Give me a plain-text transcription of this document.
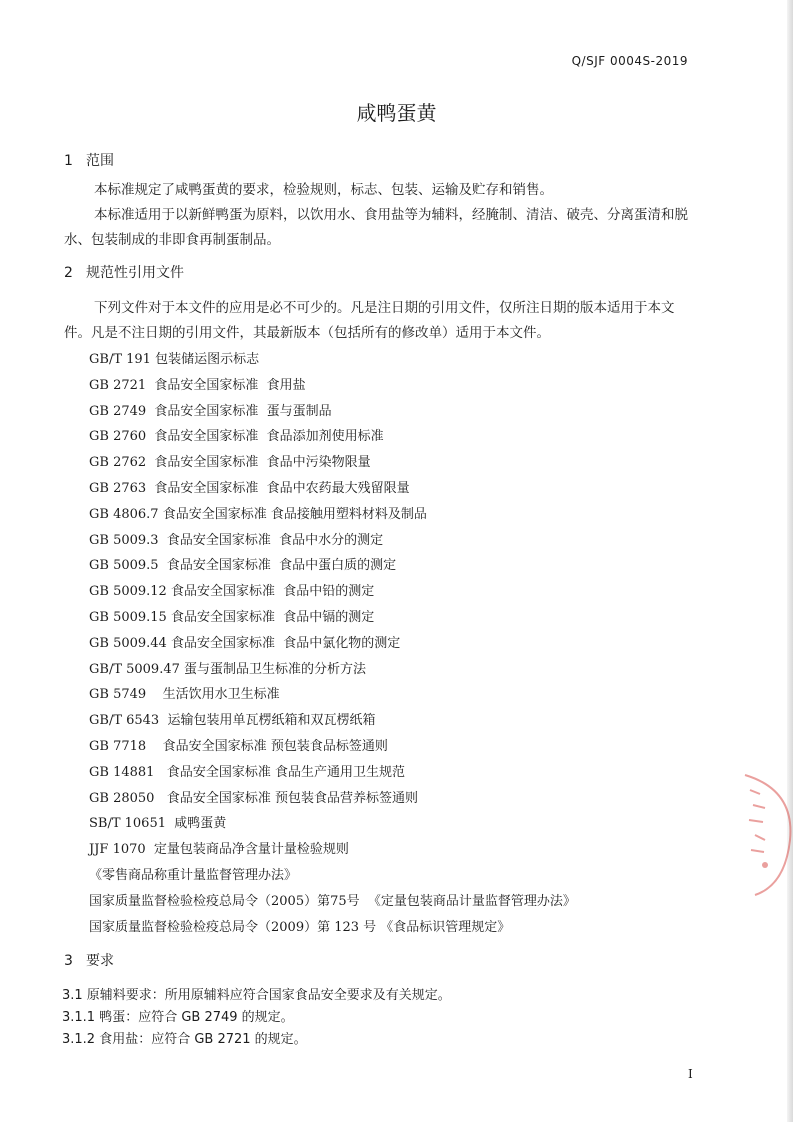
Q/SJF 0004S-2019
咸鸭蛋黄
1 范围

本标准规定了咸鸭蛋黄的要求，检验规则，标志、包装、运输及贮存和销售。

本标准适用于以新鲜鸭蛋为原料，以饮用水、食用盐等为辅料，经腌制、清洁、破壳、分离蛋清和脱水、包装制成的非即食再制蛋制品。

2 规范性引用文件

下列文件对于本文件的应用是必不可少的。凡是注日期的引用文件，仅所注日期的版本适用于本文件。凡是不注日期的引用文件，其最新版本（包括所有的修改单）适用于本文件。

GB/T 191 包装储运图示标志
GB 2721  食品安全国家标准  食用盐
GB 2749  食品安全国家标准  蛋与蛋制品
GB 2760  食品安全国家标准  食品添加剂使用标准
GB 2762  食品安全国家标准  食品中污染物限量
GB 2763  食品安全国家标准  食品中农药最大残留限量
GB 4806.7 食品安全国家标准 食品接触用塑料材料及制品
GB 5009.3  食品安全国家标准  食品中水分的测定
GB 5009.5  食品安全国家标准  食品中蛋白质的测定
GB 5009.12 食品安全国家标准  食品中铅的测定
GB 5009.15 食品安全国家标准  食品中镉的测定
GB 5009.44 食品安全国家标准  食品中氯化物的测定
GB/T 5009.47 蛋与蛋制品卫生标准的分析方法
GB 5749    生活饮用水卫生标准
GB/T 6543  运输包装用单瓦楞纸箱和双瓦楞纸箱
GB 7718    食品安全国家标准 预包装食品标签通则
GB 14881   食品安全国家标准 食品生产通用卫生规范
GB 28050   食品安全国家标准 预包装食品营养标签通则
SB/T 10651  咸鸭蛋黄
JJF 1070  定量包装商品净含量计量检验规则
《零售商品称重计量监督管理办法》
国家质量监督检验检疫总局令（2005）第75号  《定量包装商品计量监督管理办法》
国家质量监督检验检疫总局令（2009）第 123 号 《食品标识管理规定》
3 要求
3.1 原辅料要求：所用原辅料应符合国家食品安全要求及有关规定。
3.1.1 鸭蛋：应符合 GB 2749 的规定。
3.1.2 食用盐：应符合 GB 2721 的规定。
I
